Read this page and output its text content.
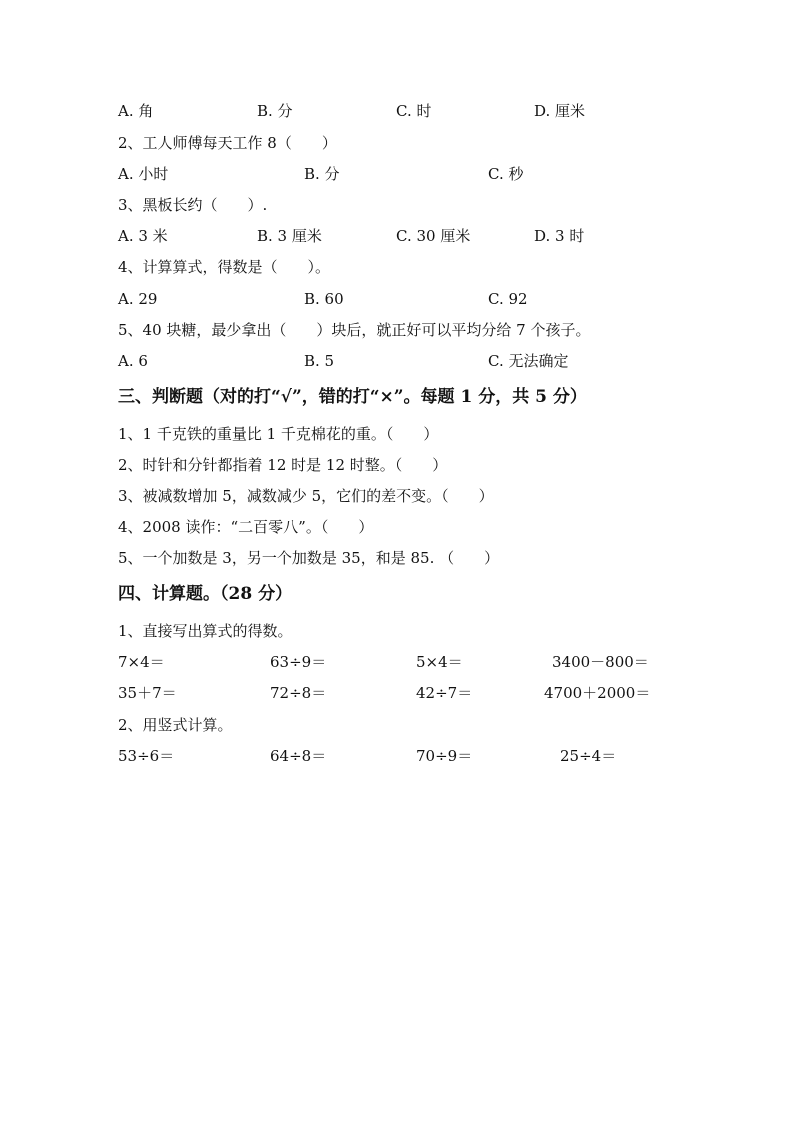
A. 角	B. 分	C. 时	D. 厘米
2、工人师傅每天工作 8（　　）
A. 小时	B. 分	C. 秒
3、黑板长约（　　）.
A. 3 米	B. 3 厘米	C. 30 厘米	D. 3 时
4、计算算式，得数是（　　）。
A. 29	B. 60	C. 92
5、40 块糖，最少拿出（　　）块后，就正好可以平均分给 7 个孩子。
A. 6	B. 5	C. 无法确定
三、判断题（对的打“√”，错的打“×”。每题 1 分，共 5 分）
1、1 千克铁的重量比 1 千克棉花的重。（　　）
2、时针和分针都指着 12 时是 12 时整。（　　）
3、被减数增加 5，减数减少 5，它们的差不变。（　　）
4、2008 读作：“二百零八”。（　　）
5、一个加数是 3，另一个加数是 35，和是 85. （　　）
四、计算题。（28 分）
1、直接写出算式的得数。
7×4＝	63÷9＝	5×4＝	3400－800＝
35＋7＝	72÷8＝	42÷7＝	4700＋2000＝
2、用竖式计算。
53÷6＝	64÷8＝	70÷9＝	25÷4＝
